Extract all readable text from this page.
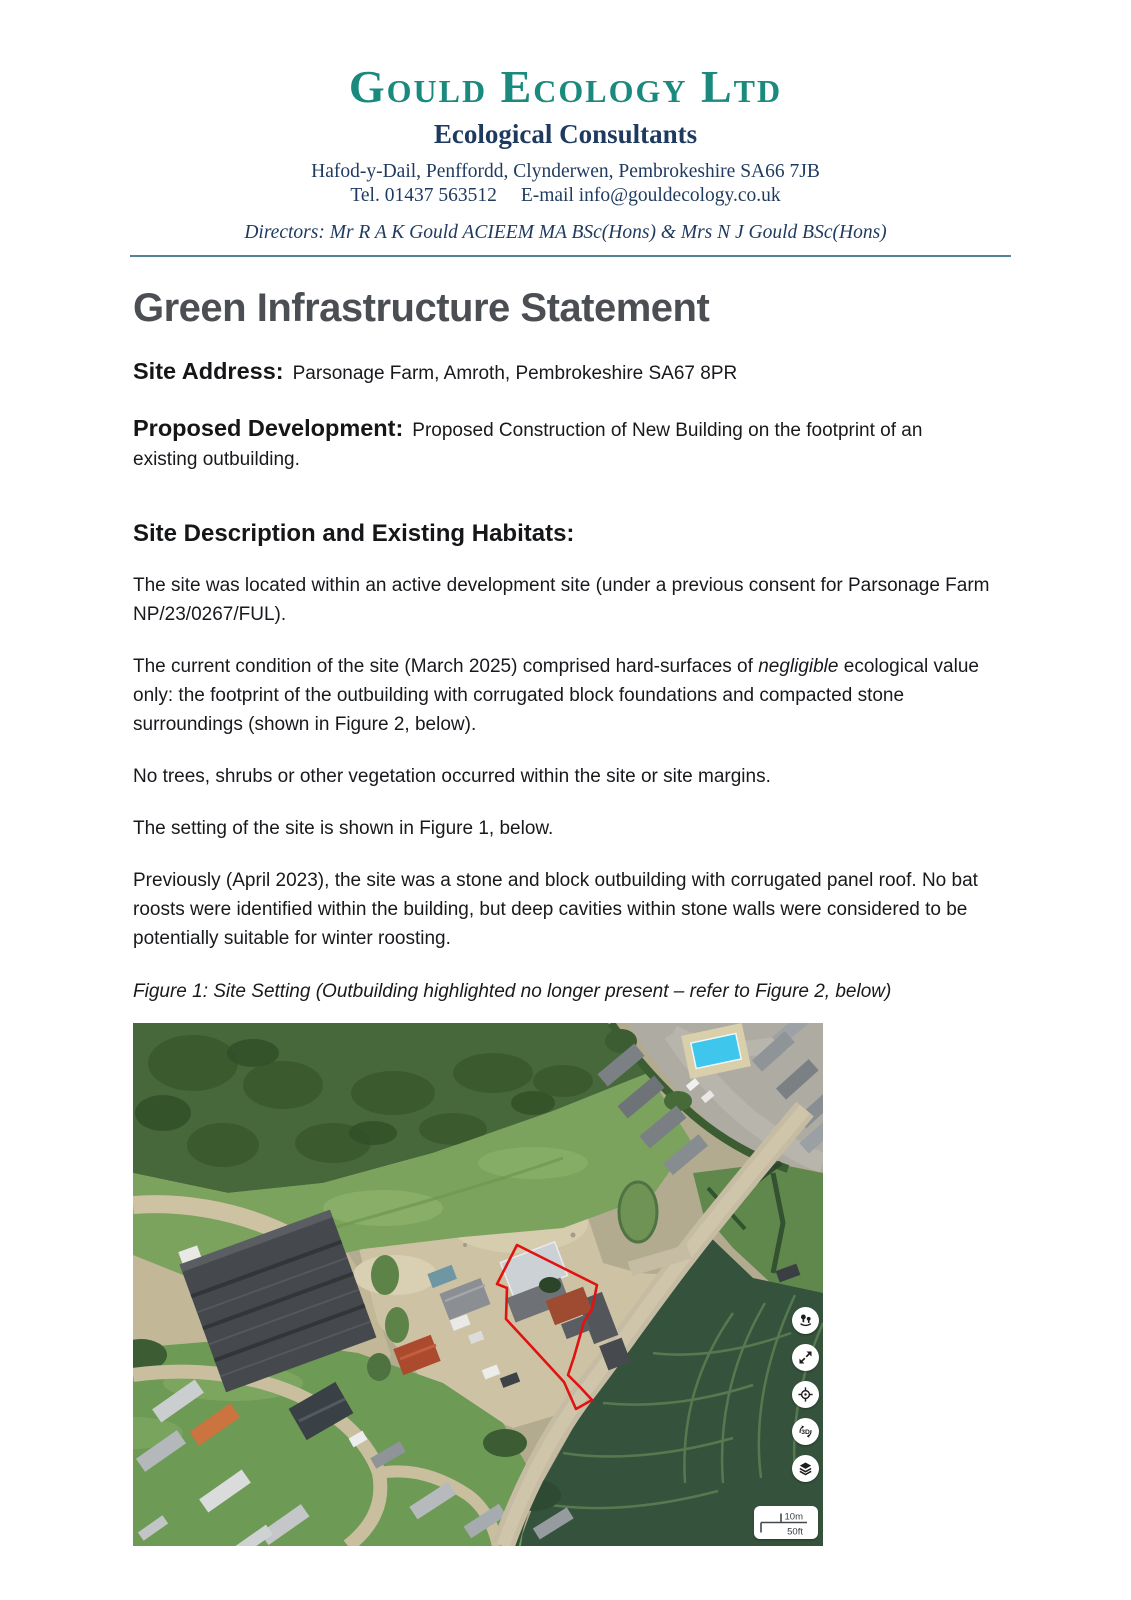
Gould Ecology Ltd
Ecological Consultants
Hafod-y-Dail, Penffordd, Clynderwen, Pembrokeshire SA66 7JB
Tel. 01437 563512 E-mail info@gouldecology.co.uk
Directors: Mr R A K Gould ACIEEM MA BSc(Hons) & Mrs N J Gould BSc(Hons)
Green Infrastructure Statement

Site Address: Parsonage Farm, Amroth, Pembrokeshire SA67 8PR

Proposed Development: Proposed Construction of New Building on the footprint of an existing outbuilding.

Site Description and Existing Habitats:

The site was located within an active development site (under a previous consent for Parsonage Farm NP/23/0267/FUL).

The current condition of the site (March 2025) comprised hard-surfaces of negligible ecological value only: the footprint of the outbuilding with corrugated block foundations and compacted stone surroundings (shown in Figure 2, below).

No trees, shrubs or other vegetation occurred within the site or site margins.

The setting of the site is shown in Figure 1, below.

Previously (April 2023), the site was a stone and block outbuilding with corrugated panel roof. No bat roosts were identified within the building, but deep cavities within stone walls were considered to be potentially suitable for winter roosting.

Figure 1: Site Setting (Outbuilding highlighted no longer present – refer to Figure 2, below)

3D
10m
50ft
